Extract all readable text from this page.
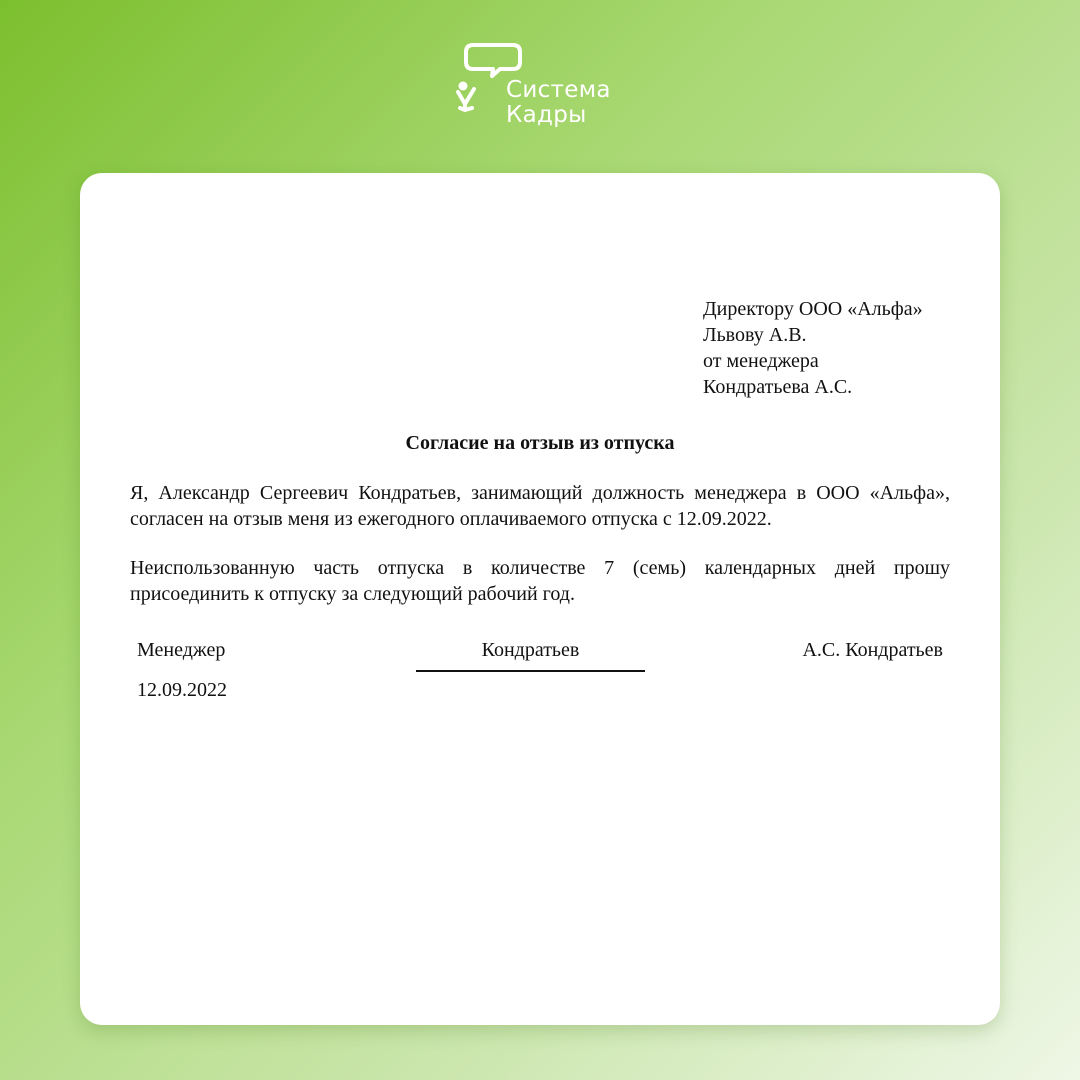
Система
Кадры
Директору ООО «Альфа»
Львову А.В.
от менеджера
Кондратьева А.С.
Согласие на отзыв из отпуска
Я, Александр Сергеевич Кондратьев, занимающий должность менеджера в ООО «Альфа», согласен на отзыв меня из ежегодного оплачиваемого отпуска с 12.09.2022.
Неиспользованную часть отпуска в количестве 7 (семь) календарных дней прошу присоединить к отпуску за следующий рабочий год.
Менеджер	Кондратьев	А.С. Кондратьев
12.09.2022
